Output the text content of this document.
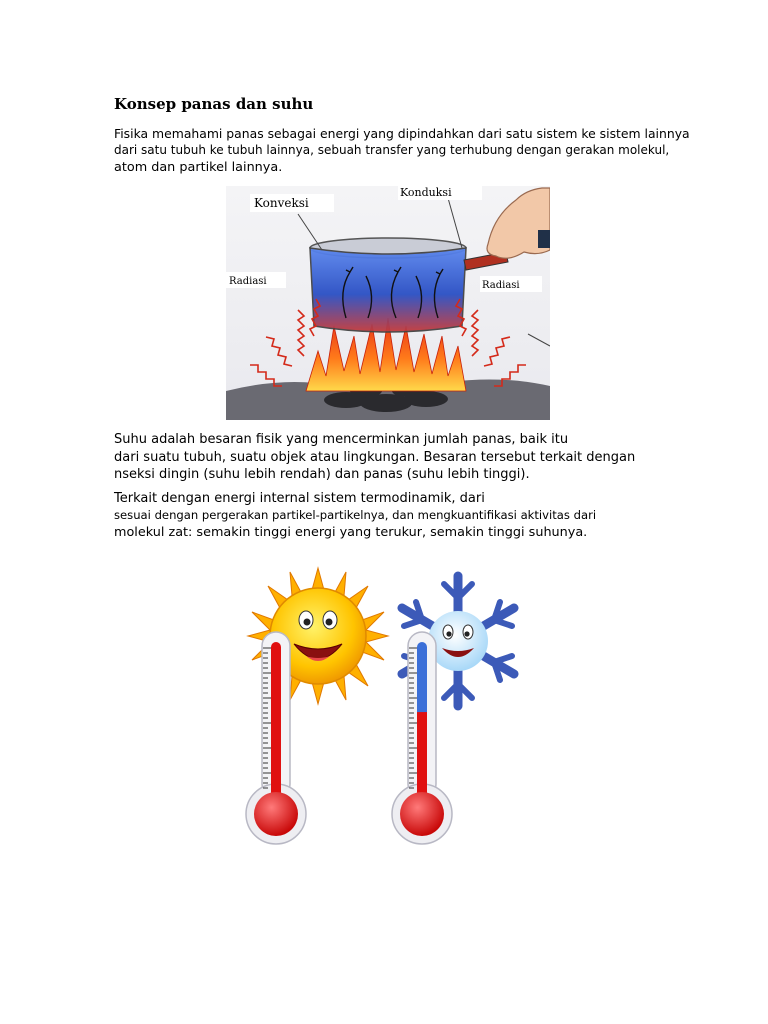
Konsep panas dan suhu

Fisika memahami panas sebagai energi yang dipindahkan dari satu sistem ke sistem lainnya
dari satu tubuh ke tubuh lainnya, sebuah transfer yang terhubung dengan gerakan molekul,
atom dan partikel lainnya.

Konveksi
Konduksi
Radiasi	Radiasi

Suhu adalah besaran fisik yang mencerminkan jumlah panas, baik itu
dari suatu tubuh, suatu objek atau lingkungan. Besaran tersebut terkait dengan
nseksi dingin (suhu lebih rendah) dan panas (suhu lebih tinggi).

Terkait dengan energi internal sistem termodinamik, dari
sesuai dengan pergerakan partikel-partikelnya, dan mengkuantifikasi aktivitas dari
molekul zat: semakin tinggi energi yang terukur, semakin tinggi suhunya.
